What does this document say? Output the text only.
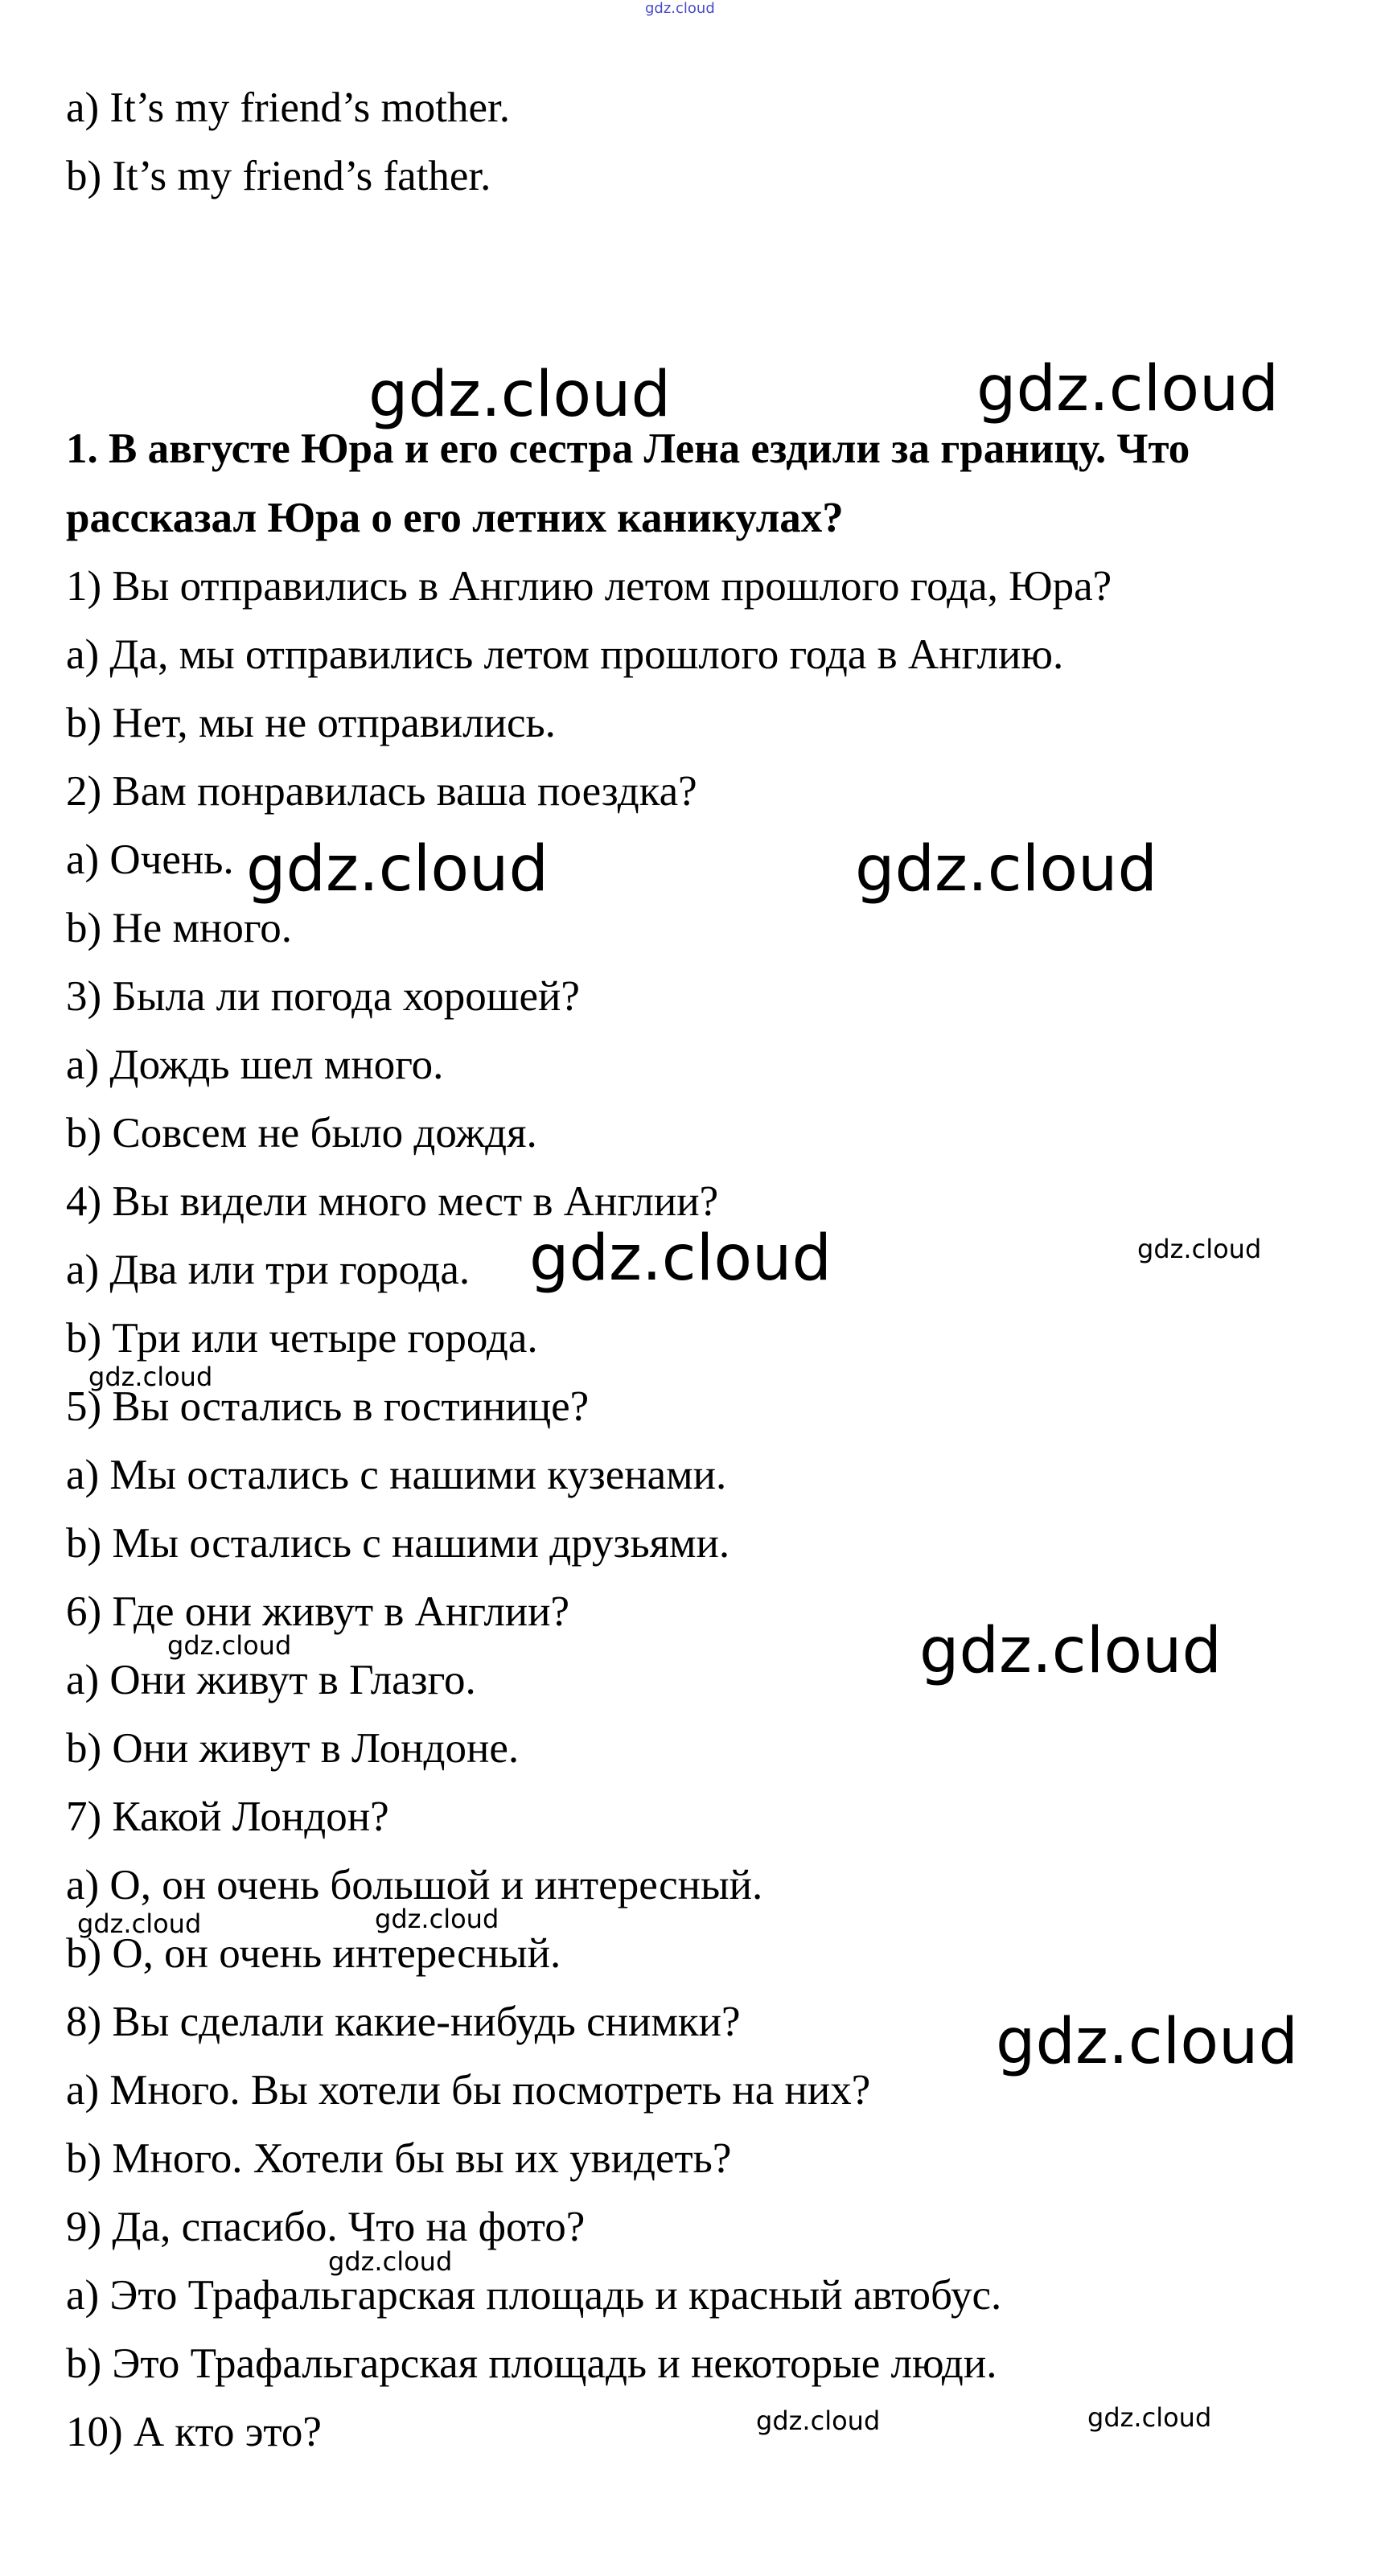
gdz.cloud
a) It’s my friend’s mother.
b) It’s my friend’s father.
1. В августе Юра и его сестра Лена ездили за границу. Что
рассказал Юра о его летних каникулах?
1) Вы отправились в Англию летом прошлого года, Юра?
a) Да, мы отправились летом прошлого года в Англию.
b) Нет, мы не отправились.
2) Вам понравилась ваша поездка?
a) Очень.
b) Не много.
3) Была ли погода хорошей?
a) Дождь шел много.
b) Совсем не было дождя.
4) Вы видели много мест в Англии?
a) Два или три города.
b) Три или четыре города.
5) Вы остались в гостинице?
a) Мы остались с нашими кузенами.
b) Мы остались с нашими друзьями.
6) Где они живут в Англии?
a) Они живут в Глазго.
b) Они живут в Лондоне.
7) Какой Лондон?
a) О, он очень большой и интересный.
b) О, он очень интересный.
8) Вы сделали какие-нибудь снимки?
a) Много. Вы хотели бы посмотреть на них?
b) Много. Хотели бы вы их увидеть?
9) Да, спасибо. Что на фото?
a) Это Трафальгарская площадь и красный автобус.
b) Это Трафальгарская площадь и некоторые люди.
10) А кто это?
gdz.cloud	gdz.cloud
gdz.cloud	gdz.cloud
gdz.cloud	gdz.cloud
gdz.cloud
gdz.cloud	gdz.cloud
gdz.cloud	gdz.cloud
gdz.cloud
gdz.cloud
gdz.cloud	gdz.cloud
